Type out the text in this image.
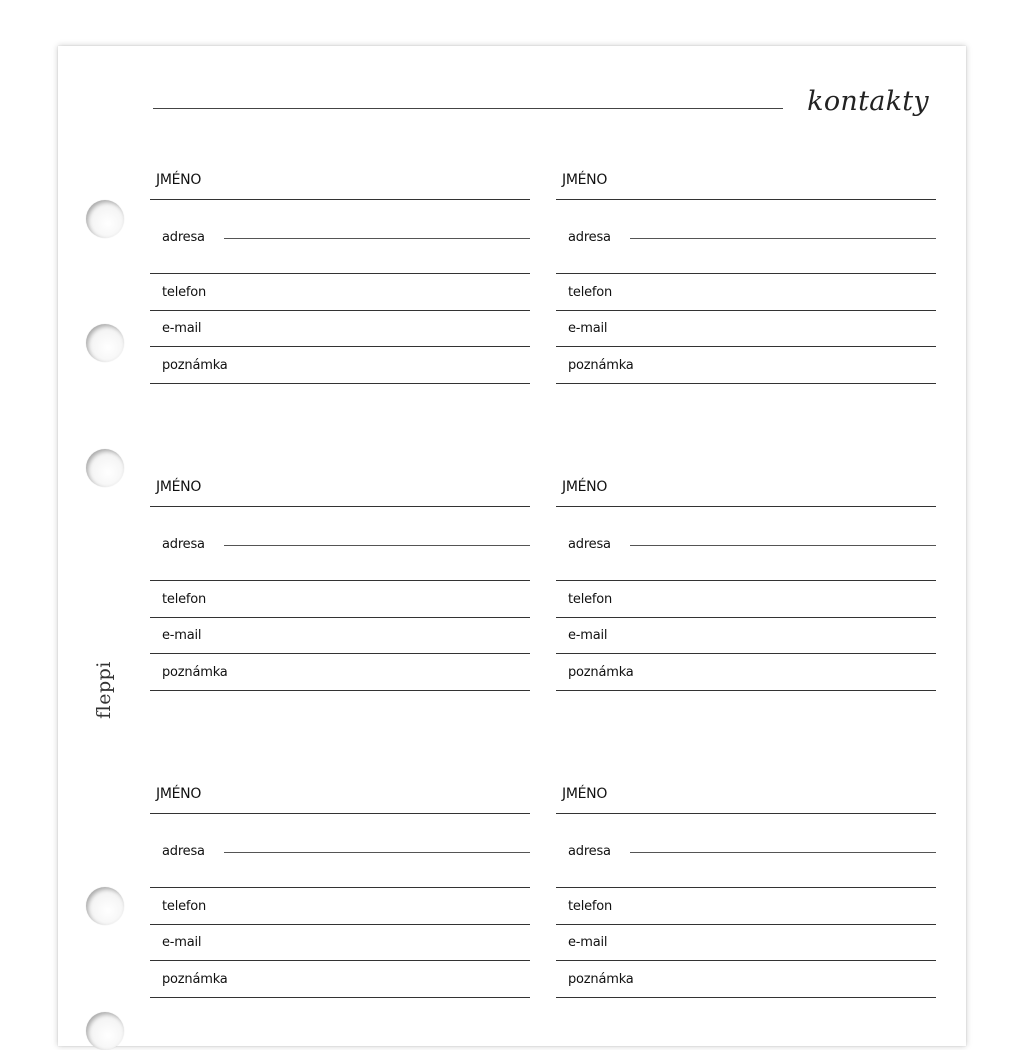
kontakty
fleppi
JMÉNO
adresa
telefon
e-mail
poznámka
JMÉNO
adresa
telefon
e-mail
poznámka
JMÉNO
adresa
telefon
e-mail
poznámka
JMÉNO
adresa
telefon
e-mail
poznámka
JMÉNO
adresa
telefon
e-mail
poznámka
JMÉNO
adresa
telefon
e-mail
poznámka
